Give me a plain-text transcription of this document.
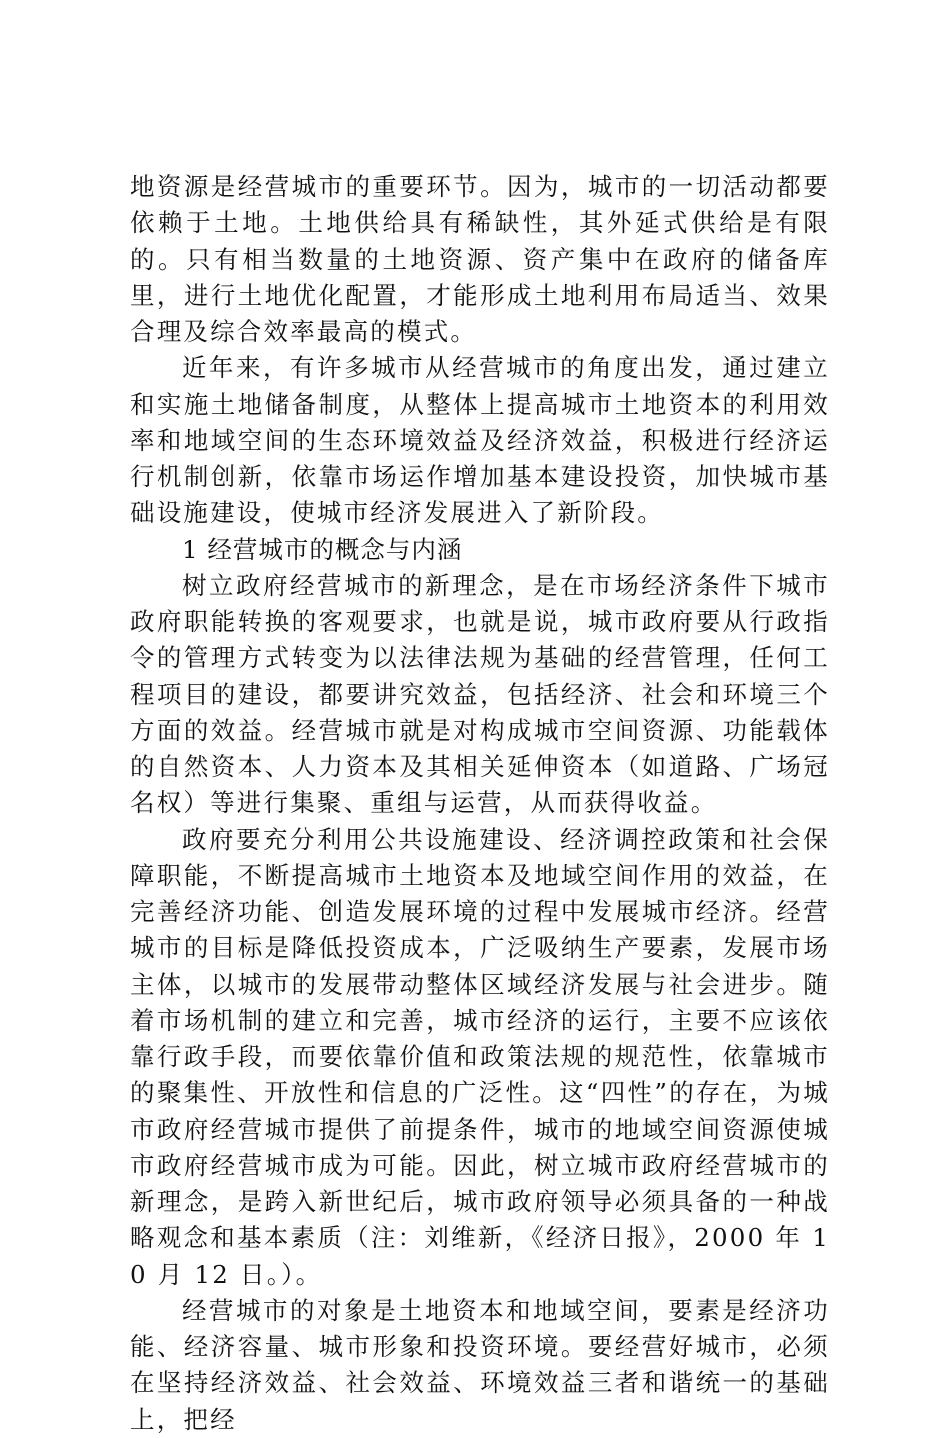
地资源是经营城市的重要环节。因为，城市的一切活动都要依赖于土地。土地供给具有稀缺性，其外延式供给是有限的。只有相当数量的土地资源、资产集中在政府的储备库里，进行土地优化配置，才能形成土地利用布局适当、效果合理及综合效率最高的模式。

近年来，有许多城市从经营城市的角度出发，通过建立和实施土地储备制度，从整体上提高城市土地资本的利用效率和地域空间的生态环境效益及经济效益，积极进行经济运行机制创新，依靠市场运作增加基本建设投资，加快城市基础设施建设，使城市经济发展进入了新阶段。

1 经营城市的概念与内涵

树立政府经营城市的新理念，是在市场经济条件下城市政府职能转换的客观要求，也就是说，城市政府要从行政指令的管理方式转变为以法律法规为基础的经营管理，任何工程项目的建设，都要讲究效益，包括经济、社会和环境三个方面的效益。经营城市就是对构成城市空间资源、功能载体的自然资本、人力资本及其相关延伸资本（如道路、广场冠名权）等进行集聚、重组与运营，从而获得收益。

政府要充分利用公共设施建设、经济调控政策和社会保障职能，不断提高城市土地资本及地域空间作用的效益，在完善经济功能、创造发展环境的过程中发展城市经济。经营城市的目标是降低投资成本，广泛吸纳生产要素，发展市场主体，以城市的发展带动整体区域经济发展与社会进步。随着市场机制的建立和完善，城市经济的运行，主要不应该依靠行政手段，而要依靠价值和政策法规的规范性，依靠城市的聚集性、开放性和信息的广泛性。这“四性”的存在，为城市政府经营城市提供了前提条件，城市的地域空间资源使城市政府经营城市成为可能。因此，树立城市政府经营城市的新理念，是跨入新世纪后，城市政府领导必须具备的一种战略观念和基本素质（注：刘维新，《经济日报》，2000 年 10 月 12 日。）。

经营城市的对象是土地资本和地域空间，要素是经济功能、经济容量、城市形象和投资环境。要经营好城市，必须在坚持经济效益、社会效益、环境效益三者和谐统一的基础上，把经
